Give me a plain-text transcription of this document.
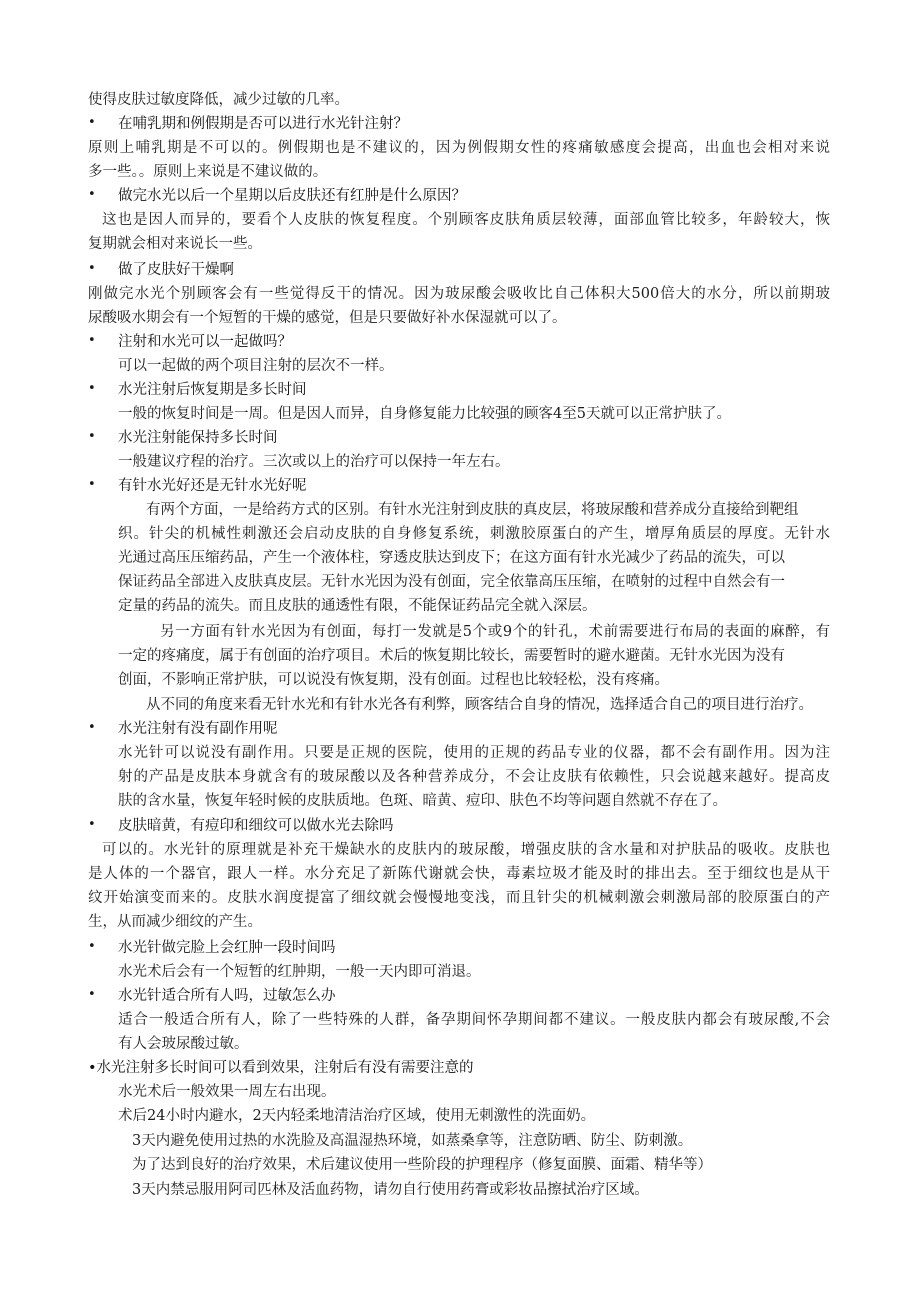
使得皮肤过敏度降低，减少过敏的几率。
• 在哺乳期和例假期是否可以进行水光针注射？
原则上哺乳期是不可以的。例假期也是不建议的，因为例假期女性的疼痛敏感度会提高，出血也会相对来说
多一些。。原则上来说是不建议做的。
• 做完水光以后一个星期以后皮肤还有红肿是什么原因？
这也是因人而异的，要看个人皮肤的恢复程度。个别顾客皮肤角质层较薄，面部血管比较多，年龄较大，恢
复期就会相对来说长一些。
• 做了皮肤好干燥啊
刚做完水光个别顾客会有一些觉得反干的情况。因为玻尿酸会吸收比自己体积大500倍大的水分，所以前期玻
尿酸吸水期会有一个短暂的干燥的感觉，但是只要做好补水保湿就可以了。
• 注射和水光可以一起做吗？
可以一起做的两个项目注射的层次不一样。
• 水光注射后恢复期是多长时间
一般的恢复时间是一周。但是因人而异，自身修复能力比较强的顾客4至5天就可以正常护肤了。
• 水光注射能保持多长时间
一般建议疗程的治疗。三次或以上的治疗可以保持一年左右。
• 有针水光好还是无针水光好呢
有两个方面，一是给药方式的区别。有针水光注射到皮肤的真皮层，将玻尿酸和营养成分直接给到靶组
织。针尖的机械性刺激还会启动皮肤的自身修复系统，刺激胶原蛋白的产生，增厚角质层的厚度。无针水
光通过高压压缩药品，产生一个液体柱，穿透皮肤达到皮下；在这方面有针水光减少了药品的流失，可以
保证药品全部进入皮肤真皮层。无针水光因为没有创面，完全依靠高压压缩，在喷射的过程中自然会有一
定量的药品的流失。而且皮肤的通透性有限，不能保证药品完全就入深层。
另一方面有针水光因为有创面，每打一发就是5个或9个的针孔，术前需要进行布局的表面的麻醉，有
一定的疼痛度，属于有创面的治疗项目。术后的恢复期比较长，需要暂时的避水避菌。无针水光因为没有
创面，不影响正常护肤，可以说没有恢复期，没有创面。过程也比较轻松，没有疼痛。
从不同的角度来看无针水光和有针水光各有利弊，顾客结合自身的情况，选择适合自己的项目进行治疗。
• 水光注射有没有副作用呢
水光针可以说没有副作用。只要是正规的医院，使用的正规的药品专业的仪器，都不会有副作用。因为注
射的产品是皮肤本身就含有的玻尿酸以及各种营养成分，不会让皮肤有依赖性，只会说越来越好。提高皮
肤的含水量，恢复年轻时候的皮肤质地。色斑、暗黄、痘印、肤色不均等问题自然就不存在了。
• 皮肤暗黄，有痘印和细纹可以做水光去除吗
可以的。水光针的原理就是补充干燥缺水的皮肤内的玻尿酸，增强皮肤的含水量和对护肤品的吸收。皮肤也
是人体的一个器官，跟人一样。水分充足了新陈代谢就会快，毒素垃圾才能及时的排出去。至于细纹也是从干
纹开始演变而来的。皮肤水润度提富了细纹就会慢慢地变浅，而且针尖的机械刺激会刺激局部的胶原蛋白的产
生，从而减少细纹的产生。
• 水光针做完脸上会红肿一段时间吗
水光术后会有一个短暂的红肿期，一般一天内即可消退。
• 水光针适合所有人吗，过敏怎么办
适合一般适合所有人，除了一些特殊的人群，备孕期间怀孕期间都不建议。一般皮肤内都会有玻尿酸,不会
有人会玻尿酸过敏。
•水光注射多长时间可以看到效果，注射后有没有需要注意的
水光术后一般效果一周左右出现。
术后24小时内避水，2天内轻柔地清洁治疗区域，使用无刺激性的洗面奶。
3天内避免使用过热的水洗脸及高温湿热环境，如蒸桑拿等，注意防晒、防尘、防刺激。
为了达到良好的治疗效果，术后建议使用一些阶段的护理程序（修复面膜、面霜、精华等）
3天内禁忌服用阿司匹林及活血药物，请勿自行使用药膏或彩妆品擦拭治疗区域。
